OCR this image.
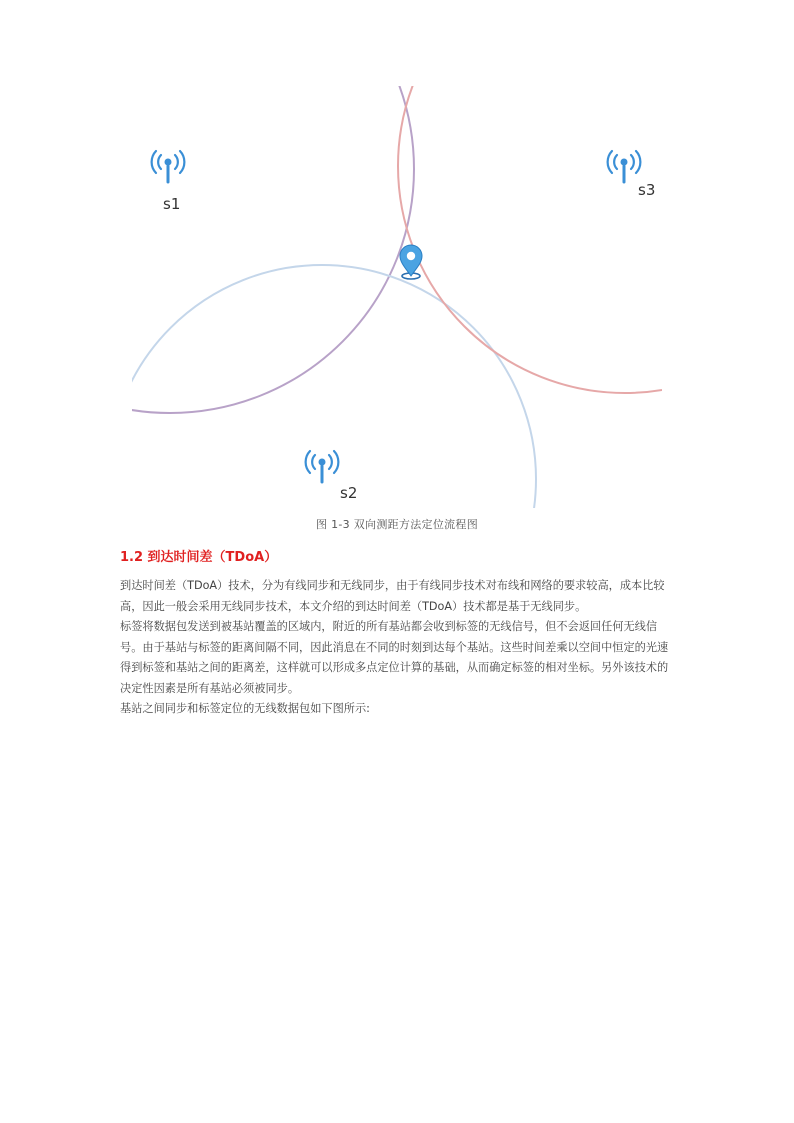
s1
s3
s2
图 1-3 双向测距方法定位流程图
1.2 到达时间差（TDoA）

到达时间差（TDoA）技术，分为有线同步和无线同步，由于有线同步技术对布线和网络的要求较高，成本比较高，因此一般会采用无线同步技术，本文介绍的到达时间差（TDoA）技术都是基于无线同步。

标签将数据包发送到被基站覆盖的区域内，附近的所有基站都会收到标签的无线信号，但不会返回任何无线信号。由于基站与标签的距离间隔不同，因此消息在不同的时刻到达每个基站。这些时间差乘以空间中恒定的光速得到标签和基站之间的距离差，这样就可以形成多点定位计算的基础，从而确定标签的相对坐标。另外该技术的决定性因素是所有基站必须被同步。

基站之间同步和标签定位的无线数据包如下图所示:
